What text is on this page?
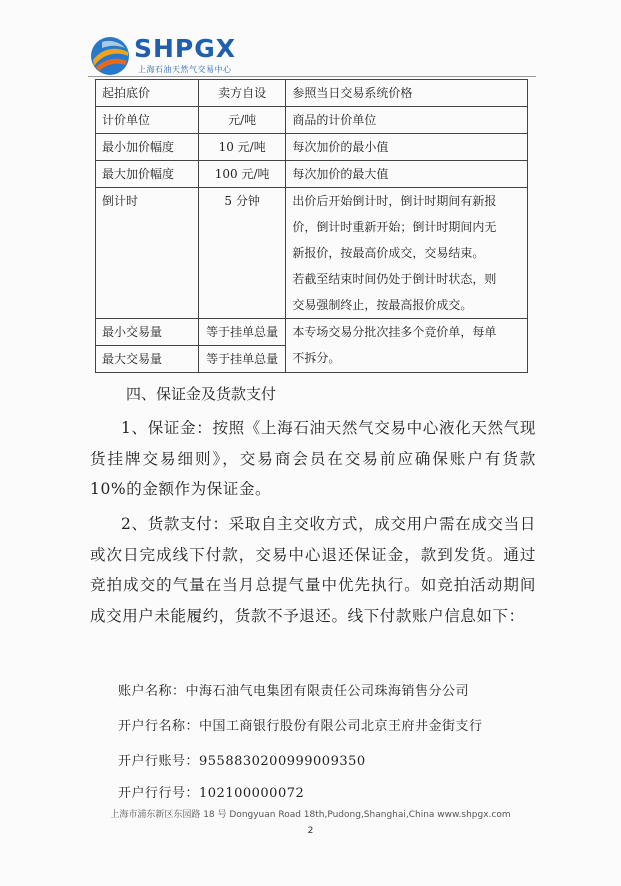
SHPGX
上海石油天然气交易中心
起拍底价	卖方自设	参照当日交易系统价格
计价单位	元/吨	商品的计价单位
最小加价幅度	10 元/吨	每次加价的最小值
最大加价幅度	100 元/吨	每次加价的最大值
倒计时	5 分钟	出价后开始倒计时，倒计时期间有新报
价，倒计时重新开始；倒计时期间内无
新报价，按最高价成交，交易结束。
若截至结束时间仍处于倒计时状态，则
交易强制终止，按最高报价成交。

最小交易量	等于挂单总量	本专场交易分批次挂多个竞价单，每单
不拆分。

最大交易量	等于挂单总量	
四、保证金及货款支付
1、保证金：按照《上海石油天然气交易中心液化天然气现货挂牌交易细则》，交易商会员在交易前应确保账户有货款 10%的金额作为保证金。
2、货款支付：采取自主交收方式，成交用户需在成交当日或次日完成线下付款，交易中心退还保证金，款到发货。通过竞拍成交的气量在当月总提气量中优先执行。如竞拍活动期间成交用户未能履约，货款不予退还。线下付款账户信息如下：
账户名称：中海石油气电集团有限责任公司珠海销售分公司
开户行名称：中国工商银行股份有限公司北京王府井金街支行
开户行账号：9558830200999009350
开户行行号：102100000072
上海市浦东新区东园路 18 号 Dongyuan Road 18th,Pudong,Shanghai,China www.shpgx.com
2
